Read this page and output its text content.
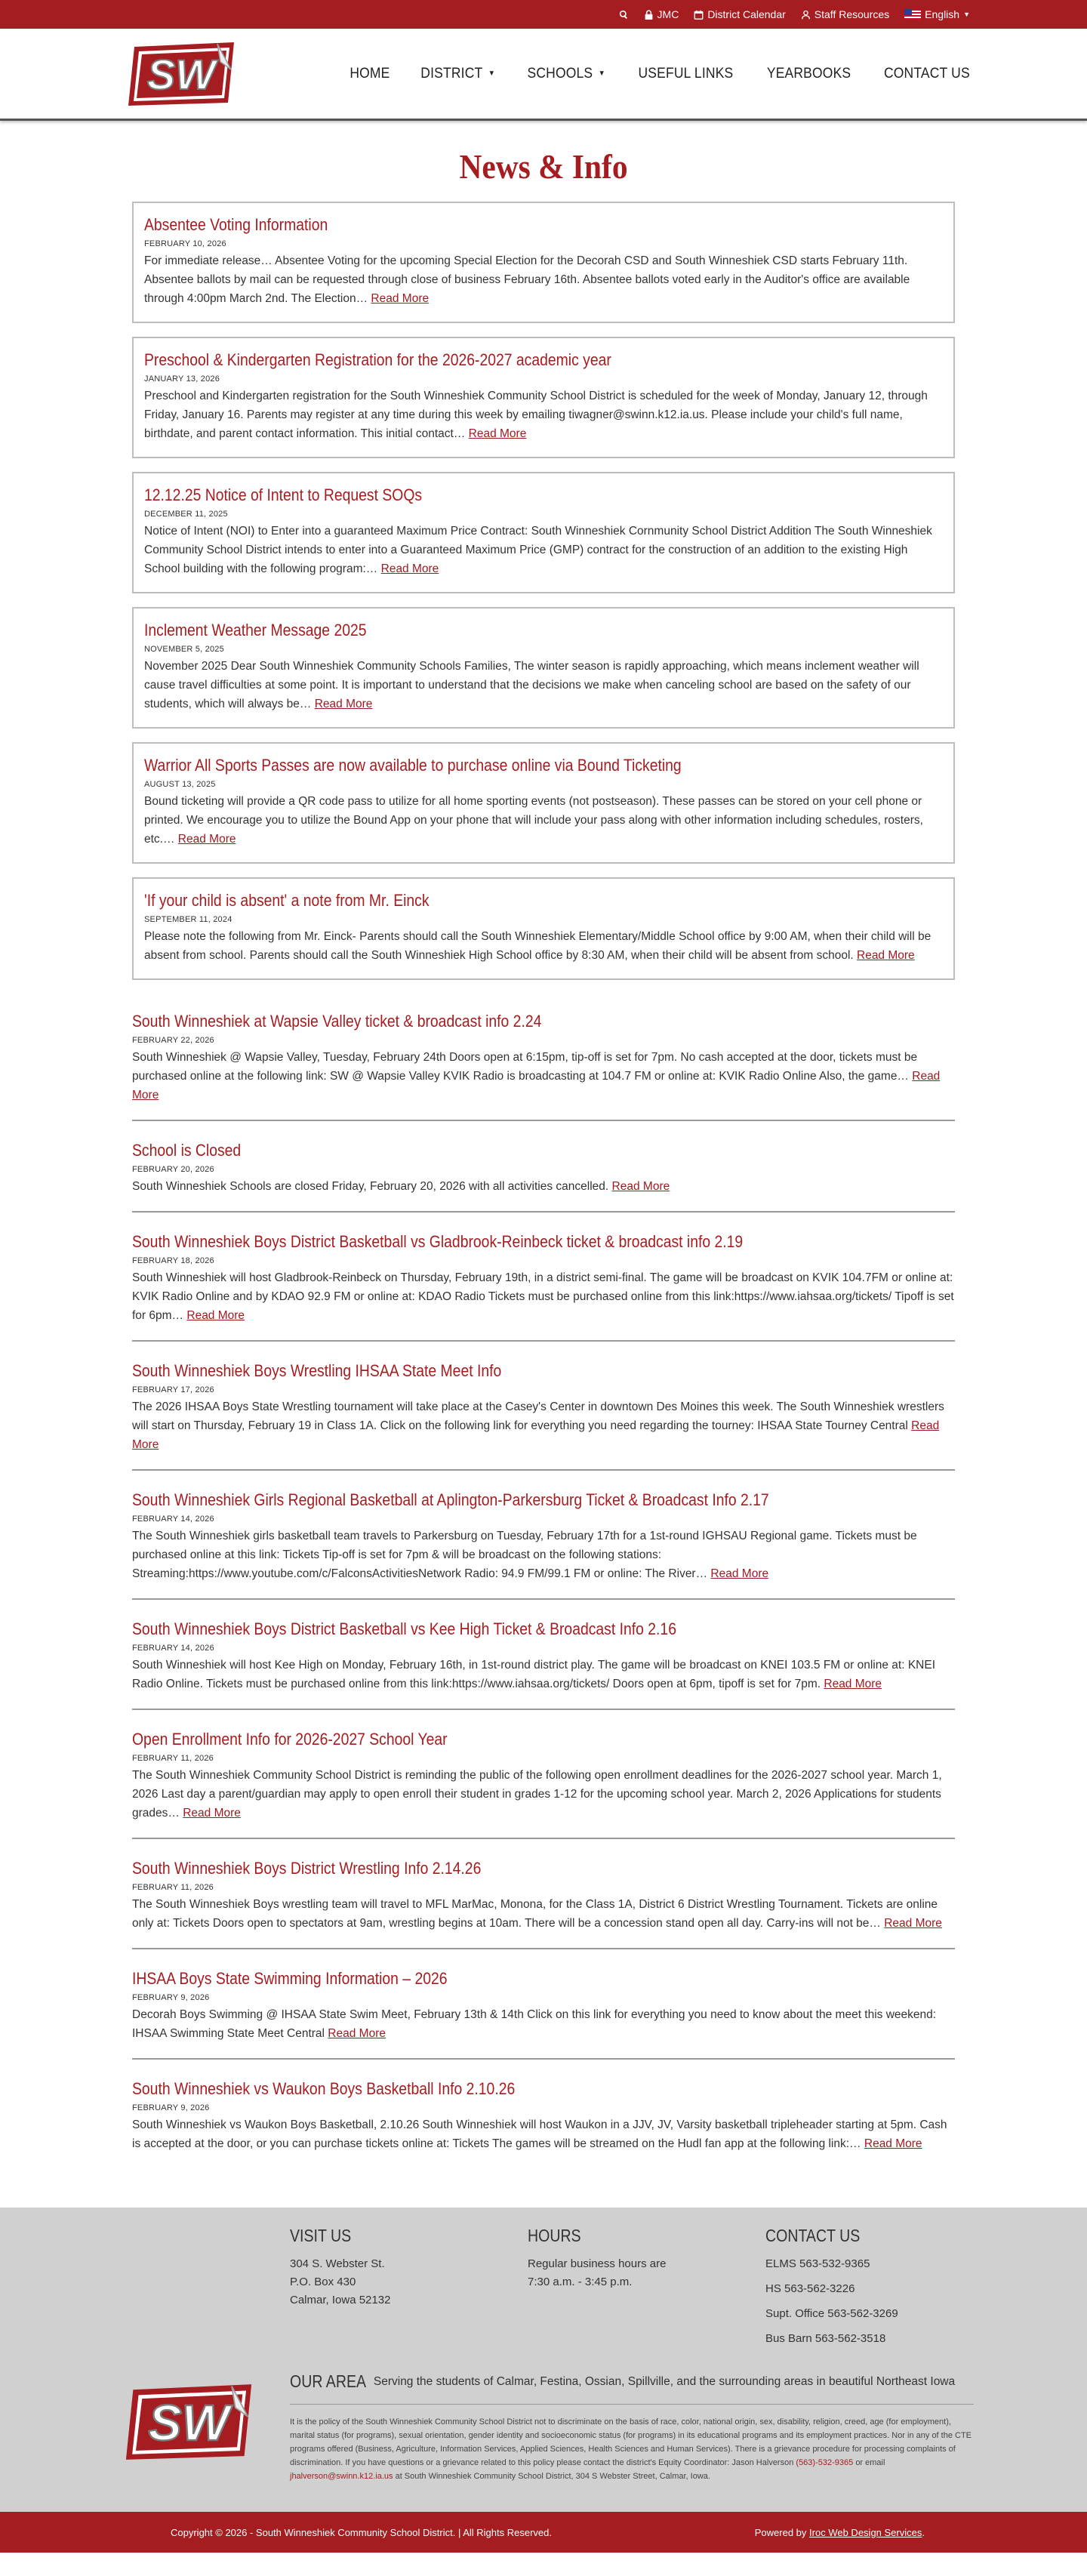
JMC	District Calendar	Staff Resources	English ▼
SW	HOME DISTRICT ▼ SCHOOLS ▼ USEFUL LINKS YEARBOOKS CONTACT US
News & Info
Absentee Voting Information
FEBRUARY 10, 2026
For immediate release… Absentee Voting for the upcoming Special Election for the Decorah CSD and South Winneshiek CSD starts February 11th. Absentee ballots by mail can be requested through close of business February 16th. Absentee ballots voted early in the Auditor's office are available through 4:00pm March 2nd. The Election… Read More
Preschool & Kindergarten Registration for the 2026-2027 academic year
JANUARY 13, 2026
Preschool and Kindergarten registration for the South Winneshiek Community School District is scheduled for the week of Monday, January 12, through Friday, January 16. Parents may register at any time during this week by emailing tiwagner@swinn.k12.ia.us. Please include your child's full name, birthdate, and parent contact information. This initial contact… Read More
12.12.25 Notice of Intent to Request SOQs
DECEMBER 11, 2025
Notice of Intent (NOI) to Enter into a guaranteed Maximum Price Contract: South Winneshiek Cornmunity School District Addition The South Winneshiek Community School District intends to enter into a Guaranteed Maximum Price (GMP) contract for the construction of an addition to the existing High School building with the following program:… Read More
Inclement Weather Message 2025
NOVEMBER 5, 2025
November 2025 Dear South Winneshiek Community Schools Families, The winter season is rapidly approaching, which means inclement weather will cause travel difficulties at some point. It is important to understand that the decisions we make when canceling school are based on the safety of our students, which will always be… Read More
Warrior All Sports Passes are now available to purchase online via Bound Ticketing
AUGUST 13, 2025
Bound ticketing will provide a QR code pass to utilize for all home sporting events (not postseason). These passes can be stored on your cell phone or printed. We encourage you to utilize the Bound App on your phone that will include your pass along with other information including schedules, rosters, etc.… Read More
'If your child is absent' a note from Mr. Einck
SEPTEMBER 11, 2024
Please note the following from Mr. Einck- Parents should call the South Winneshiek Elementary/Middle School office by 9:00 AM, when their child will be absent from school. Parents should call the South Winneshiek High School office by 8:30 AM, when their child will be absent from school. Read More
South Winneshiek at Wapsie Valley ticket & broadcast info 2.24
FEBRUARY 22, 2026
South Winneshiek @ Wapsie Valley, Tuesday, February 24th Doors open at 6:15pm, tip-off is set for 7pm. No cash accepted at the door, tickets must be purchased online at the following link: SW @ Wapsie Valley KVIK Radio is broadcasting at 104.7 FM or online at: KVIK Radio Online Also, the game… Read More
School is Closed
FEBRUARY 20, 2026
South Winneshiek Schools are closed Friday, February 20, 2026 with all activities cancelled. Read More
South Winneshiek Boys District Basketball vs Gladbrook-Reinbeck ticket & broadcast info 2.19
FEBRUARY 18, 2026
South Winneshiek will host Gladbrook-Reinbeck on Thursday, February 19th, in a district semi-final. The game will be broadcast on KVIK 104.7FM or online at: KVIK Radio Online and by KDAO 92.9 FM or online at: KDAO Radio Tickets must be purchased online from this link:https://www.iahsaa.org/tickets/ Tipoff is set for 6pm… Read More
South Winneshiek Boys Wrestling IHSAA State Meet Info
FEBRUARY 17, 2026
The 2026 IHSAA Boys State Wrestling tournament will take place at the Casey's Center in downtown Des Moines this week. The South Winneshiek wrestlers will start on Thursday, February 19 in Class 1A. Click on the following link for everything you need regarding the tourney: IHSAA State Tourney Central Read More
South Winneshiek Girls Regional Basketball at Aplington-Parkersburg Ticket & Broadcast Info 2.17
FEBRUARY 14, 2026
The South Winneshiek girls basketball team travels to Parkersburg on Tuesday, February 17th for a 1st-round IGHSAU Regional game. Tickets must be purchased online at this link: Tickets Tip-off is set for 7pm & will be broadcast on the following stations: Streaming:https://www.youtube.com/c/FalconsActivitiesNetwork Radio: 94.9 FM/99.1 FM or online: The River… Read More
South Winneshiek Boys District Basketball vs Kee High Ticket & Broadcast Info 2.16
FEBRUARY 14, 2026
South Winneshiek will host Kee High on Monday, February 16th, in 1st-round district play. The game will be broadcast on KNEI 103.5 FM or online at: KNEI Radio Online. Tickets must be purchased online from this link:https://www.iahsaa.org/tickets/ Doors open at 6pm, tipoff is set for 7pm. Read More
Open Enrollment Info for 2026-2027 School Year
FEBRUARY 11, 2026
The South Winneshiek Community School District is reminding the public of the following open enrollment deadlines for the 2026-2027 school year. March 1, 2026 Last day a parent/guardian may apply to open enroll their student in grades 1-12 for the upcoming school year. March 2, 2026 Applications for students grades… Read More
South Winneshiek Boys District Wrestling Info 2.14.26
FEBRUARY 11, 2026
The South Winneshiek Boys wrestling team will travel to MFL MarMac, Monona, for the Class 1A, District 6 District Wrestling Tournament. Tickets are online only at: Tickets Doors open to spectators at 9am, wrestling begins at 10am. There will be a concession stand open all day. Carry-ins will not be… Read More
IHSAA Boys State Swimming Information – 2026
FEBRUARY 9, 2026
Decorah Boys Swimming @ IHSAA State Swim Meet, February 13th & 14th Click on this link for everything you need to know about the meet this weekend: IHSAA Swimming State Meet Central Read More
South Winneshiek vs Waukon Boys Basketball Info 2.10.26
FEBRUARY 9, 2026
South Winneshiek vs Waukon Boys Basketball, 2.10.26 South Winneshiek will host Waukon in a JJV, JV, Varsity basketball tripleheader starting at 5pm. Cash is accepted at the door, or you can purchase tickets online at: Tickets The games will be streamed on the Hudl fan app at the following link:… Read More
VISIT US
304 S. Webster St.
P.O. Box 430
Calmar, Iowa 52132
HOURS
Regular business hours are
7:30 a.m. - 3:45 p.m.
CONTACT US
ELMS 563-532-9365
HS 563-562-3226
Supt. Office 563-562-3269
Bus Barn 563-562-3518
SW
OUR AREA Serving the students of Calmar, Festina, Ossian, Spillville, and the surrounding areas in beautiful Northeast Iowa
It is the policy of the South Winneshiek Community School District not to discriminate on the basis of race, color, national origin, sex, disability, religion, creed, age (for employment), marital status (for programs), sexual orientation, gender identity and socioeconomic status (for programs) in its educational programs and its employment practices. Nor in any of the CTE programs offered (Business, Agriculture, Information Services, Applied Sciences, Health Sciences and Human Services). There is a grievance procedure for processing complaints of discrimination. If you have questions or a grievance related to this policy please contact the district's Equity Coordinator: Jason Halverson (563)-532-9365 or email jhalverson@swinn.k12.ia.us at South Winneshiek Community School District, 304 S Webster Street, Calmar, Iowa.
Copyright © 2026 - South Winneshiek Community School District. | All Rights Reserved.	Powered by Iroc Web Design Services.
